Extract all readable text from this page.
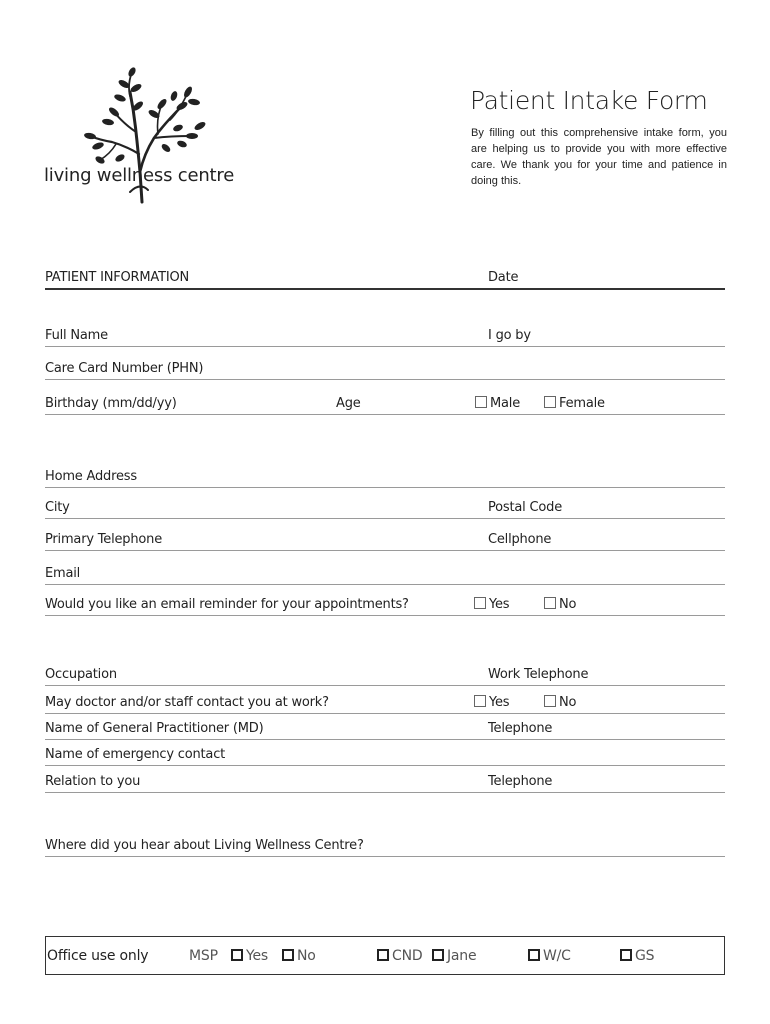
living wellness centre
Patient Intake Form
By filling out this comprehensive intake form, you are helping us to provide you with more effective care. We thank you for your time and patience in doing this.
PATIENT INFORMATION	Date
Full Name	I go by
Care Card Number (PHN)
Birthday (mm/dd/yy)	Age	Male	Female
Home Address
City	Postal Code
Primary Telephone	Cellphone
Email
Would you like an email reminder for your appointments?	Yes	No
Occupation	Work Telephone
May doctor and/or staff contact you at work?	Yes	No
Name of General Practitioner (MD)	Telephone
Name of emergency contact
Relation to you	Telephone
Where did you hear about Living Wellness Centre?
Office use only	MSP	Yes	No	CND	Jane	W/C	GS
